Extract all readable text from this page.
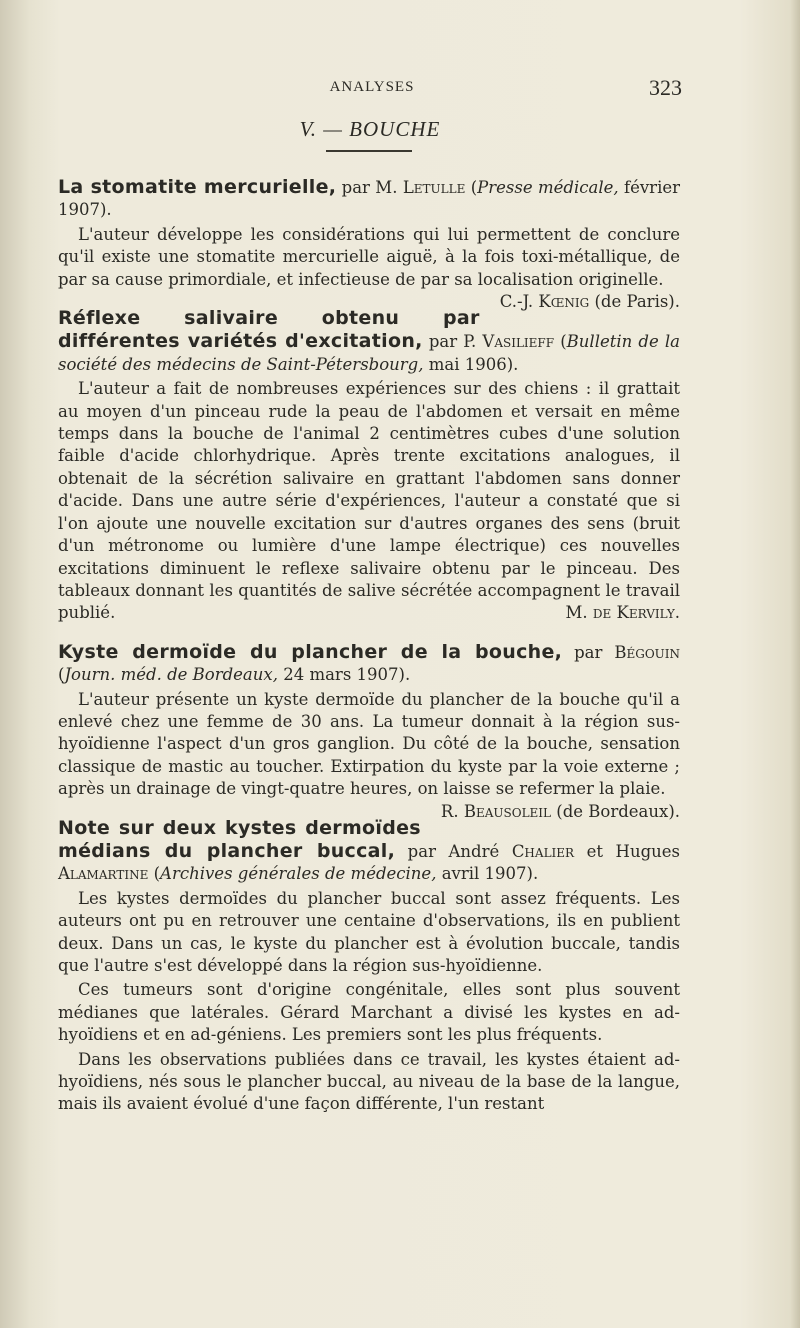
ANALYSES	323
V. — BOUCHE

La stomatite mercurielle, par M. Letulle (Presse médicale, février 1907).

L'auteur développe les considérations qui lui permettent de conclure qu'il existe une stomatite mercurielle aiguë, à la fois toxi-métallique, de par sa cause primordiale, et infectieuse de par sa localisation originelle.
C.-J. Kœnig (de Paris).

Réflexe salivaire obtenu par différentes variétés d'excitation, par P. Vasilieff (Bulletin de la société des médecins de Saint-Pétersbourg, mai 1906).

L'auteur a fait de nombreuses expériences sur des chiens : il grattait au moyen d'un pinceau rude la peau de l'abdomen et versait en même temps dans la bouche de l'animal 2 centimètres cubes d'une solution faible d'acide chlorhydrique. Après trente excitations analogues, il obtenait de la sécrétion salivaire en grattant l'abdomen sans donner d'acide. Dans une autre série d'expériences, l'auteur a constaté que si l'on ajoute une nouvelle excitation sur d'autres organes des sens (bruit d'un métronome ou lumière d'une lampe électrique) ces nouvelles excitations diminuent le reflexe salivaire obtenu par le pinceau. Des tableaux donnant les quantités de salive sécrétée accompagnent le travail publié.	M. de Kervily.

Kyste dermoïde du plancher de la bouche, par Bégouin (Journ. méd. de Bordeaux, 24 mars 1907).

L'auteur présente un kyste dermoïde du plancher de la bouche qu'il a enlevé chez une femme de 30 ans. La tumeur donnait à la région sus-hyoïdienne l'aspect d'un gros ganglion. Du côté de la bouche, sensation classique de mastic au toucher. Extirpation du kyste par la voie externe ; après un drainage de vingt-quatre heures, on laisse se refermer la plaie.
R. Beausoleil (de Bordeaux).

Note sur deux kystes dermoïdes médians du plancher buccal, par André Chalier et Hugues Alamartine (Archives générales de médecine, avril 1907).

Les kystes dermoïdes du plancher buccal sont assez fréquents. Les auteurs ont pu en retrouver une centaine d'observations, ils en publient deux. Dans un cas, le kyste du plancher est à évolution buccale, tandis que l'autre s'est développé dans la région sus-hyoïdienne.

Ces tumeurs sont d'origine congénitale, elles sont plus souvent médianes que latérales. Gérard Marchant a divisé les kystes en ad-hyoïdiens et en ad-géniens. Les premiers sont les plus fréquents.

Dans les observations publiées dans ce travail, les kystes étaient ad-hyoïdiens, nés sous le plancher buccal, au niveau de la base de la langue, mais ils avaient évolué d'une façon différente, l'un restant
